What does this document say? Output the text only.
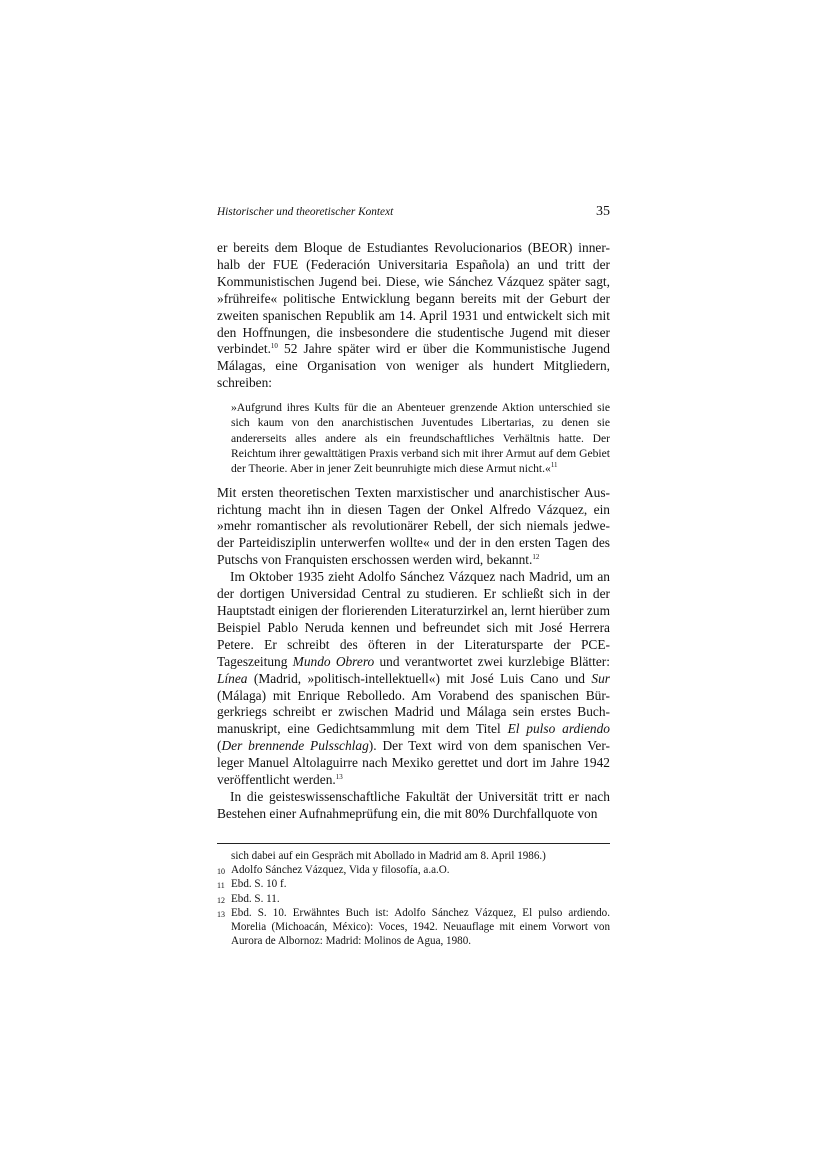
Historischer und theoretischer Kontext	35

er bereits dem Bloque de Estudiantes Revolucionarios (BEOR) inner-halb der FUE (Federación Universitaria Española) an und tritt der Kommunistischen Jugend bei. Diese, wie Sánchez Vázquez später sagt, »frühreife« politische Entwicklung begann bereits mit der Geburt der zweiten spanischen Republik am 14. April 1931 und entwickelt sich mit den Hoffnungen, die insbesondere die studentische Jugend mit dieser verbindet.$^{10}$ 52 Jahre später wird er über die Kommunistische Jugend Málagas, eine Organisation von weniger als hundert Mitgliedern, schreiben:

»Aufgrund ihres Kults für die an Abenteuer grenzende Aktion unterschied sie sich kaum von den anarchistischen Juventudes Libertarias, zu denen sie andererseits alles andere als ein freundschaftliches Verhältnis hatte. Der Reichtum ihrer gewalttätigen Praxis verband sich mit ihrer Armut auf dem Gebiet der Theorie. Aber in jener Zeit beunruhigte mich diese Armut nicht.«$^{11}$

Mit ersten theoretischen Texten marxistischer und anarchistischer Aus-richtung macht ihn in diesen Tagen der Onkel Alfredo Vázquez, ein »mehr romantischer als revolutionärer Rebell, der sich niemals jedwe-der Parteidisziplin unterwerfen wollte« und der in den ersten Tagen des Putschs von Franquisten erschossen werden wird, bekannt.$^{12}$

Im Oktober 1935 zieht Adolfo Sánchez Vázquez nach Madrid, um an der dortigen Universidad Central zu studieren. Er schließt sich in der Hauptstadt einigen der florierenden Literaturzirkel an, lernt hierüber zum Beispiel Pablo Neruda kennen und befreundet sich mit José Herrera Petere. Er schreibt des öfteren in der Literatursparte der PCE-Tageszeitung Mundo Obrero und verantwortet zwei kurzlebige Blätter: Línea (Madrid, »politisch-intellektuell«) mit José Luis Cano und Sur (Málaga) mit Enrique Rebolledo. Am Vorabend des spanischen Bür-gerkriegs schreibt er zwischen Madrid und Málaga sein erstes Buch-manuskript, eine Gedichtsammlung mit dem Titel El pulso ardiendo (Der brennende Pulsschlag). Der Text wird von dem spanischen Ver-leger Manuel Altolaguirre nach Mexiko gerettet und dort im Jahre 1942 veröffentlicht werden.$^{13}$

In die geisteswissenschaftliche Fakultät der Universität tritt er nach Bestehen einer Aufnahmeprüfung ein, die mit 80% Durchfallquote von

sich dabei auf ein Gespräch mit Abollado in Madrid am 8. April 1986.)
10 Adolfo Sánchez Vázquez, Vida y filosofía, a.a.O.
11 Ebd. S. 10 f.
12 Ebd. S. 11.
13 Ebd. S. 10. Erwähntes Buch ist: Adolfo Sánchez Vázquez, El pulso ardiendo. Morelia (Michoacán, México): Voces, 1942. Neuauflage mit einem Vorwort von Aurora de Albornoz: Madrid: Molinos de Agua, 1980.
